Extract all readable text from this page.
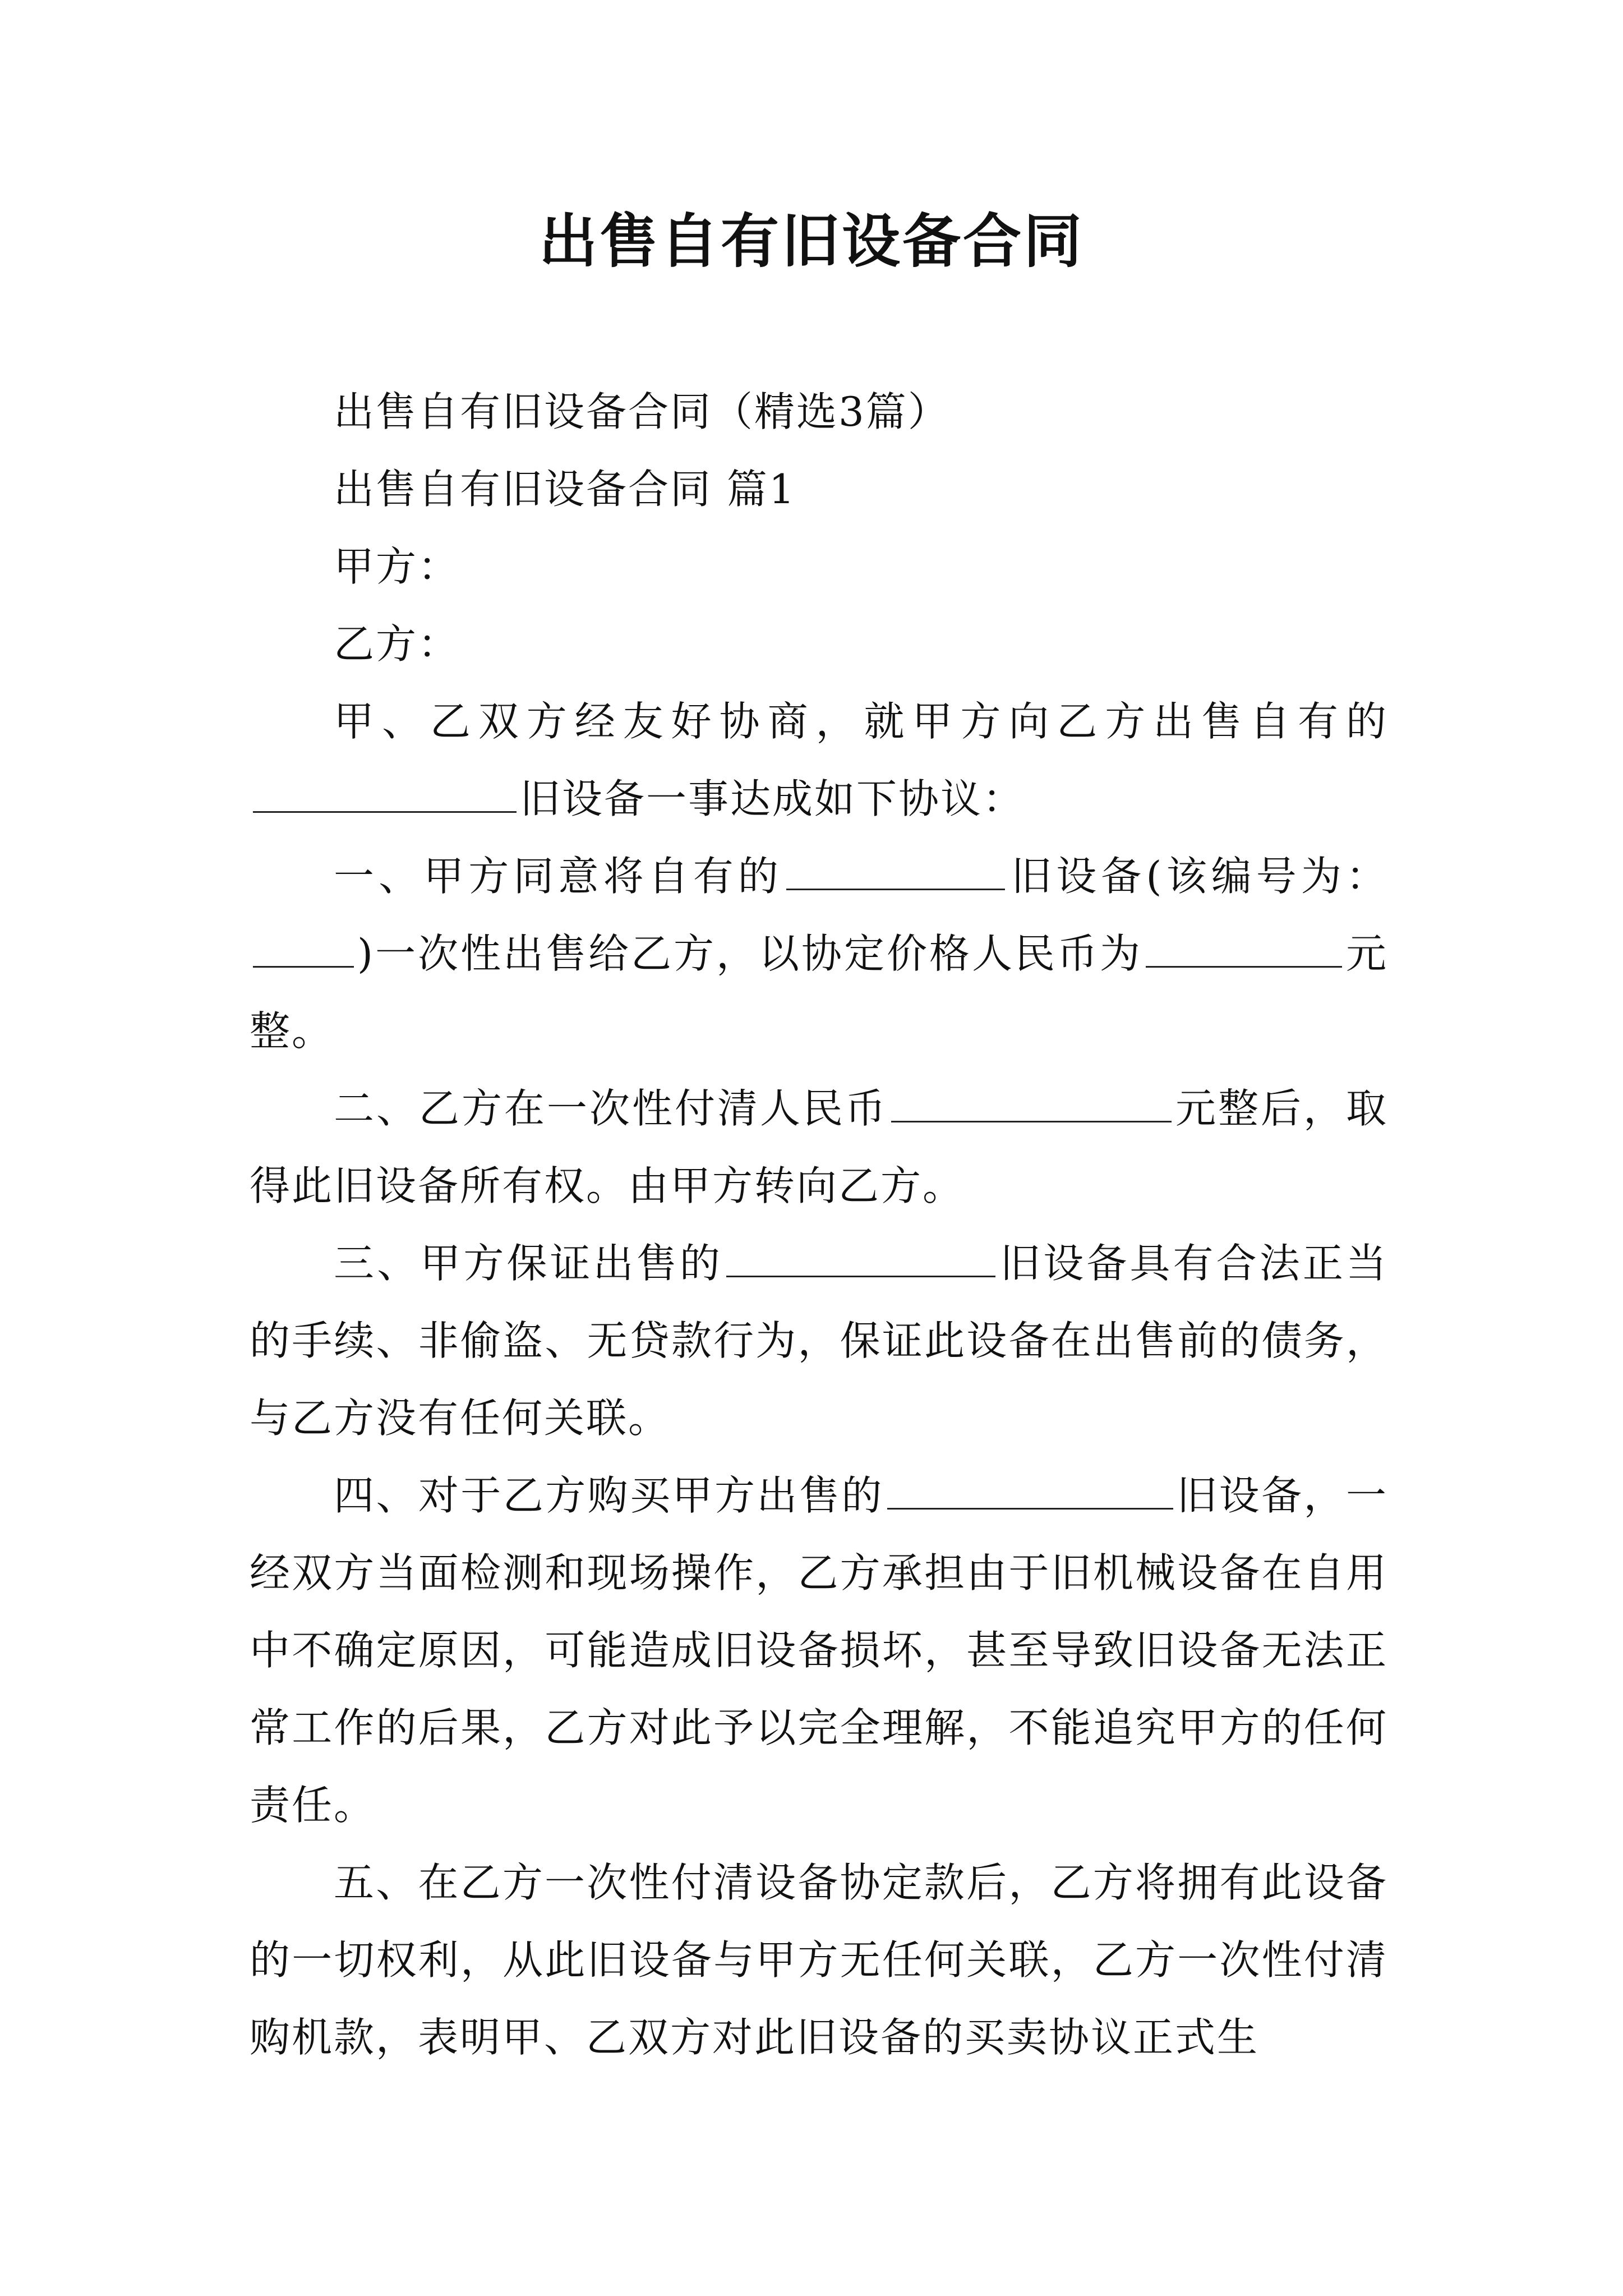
出售自有旧设备合同

出售自有旧设备合同（精选3篇）

出售自有旧设备合同 篇1

甲方：

乙方：

甲、乙双方经友好协商，就甲方向乙方出售自有的旧设备一事达成如下协议：

一、甲方同意将自有的	旧设备(该编号为：)一次性出售给乙方，以协定价格人民币为	元整。

二、乙方在一次性付清人民币	元整后，取得此旧设备所有权。由甲方转向乙方。

三、甲方保证出售的	旧设备具有合法正当的手续、非偷盗、无贷款行为，保证此设备在出售前的债务，与乙方没有任何关联。

四、对于乙方购买甲方出售的	旧设备，一经双方当面检测和现场操作，乙方承担由于旧机械设备在自用中不确定原因，可能造成旧设备损坏，甚至导致旧设备无法正常工作的后果，乙方对此予以完全理解，不能追究甲方的任何责任。

五、在乙方一次性付清设备协定款后，乙方将拥有此设备的一切权利，从此旧设备与甲方无任何关联，乙方一次性付清购机款，表明甲、乙双方对此旧设备的买卖协议正式生
